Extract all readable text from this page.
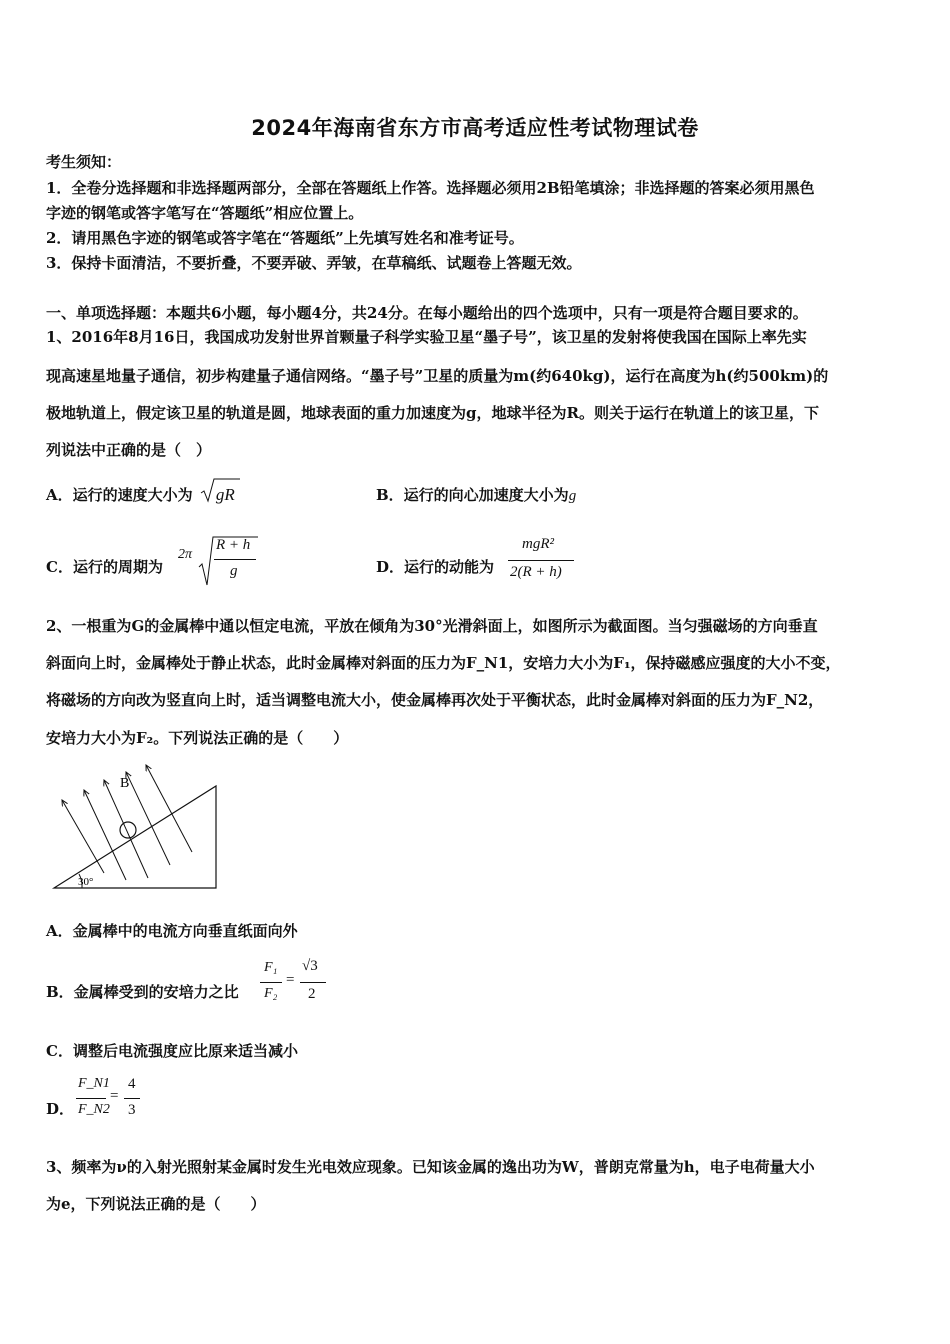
2024年海南省东方市高考适应性考试物理试卷
考生须知：
1．全卷分选择题和非选择题两部分，全部在答题纸上作答。选择题必须用2B铅笔填涂；非选择题的答案必须用黑色
字迹的钢笔或答字笔写在“答题纸”相应位置上。
2．请用黑色字迹的钢笔或答字笔在“答题纸”上先填写姓名和准考证号。
3．保持卡面清洁，不要折叠，不要弄破、弄皱，在草稿纸、试题卷上答题无效。
一、单项选择题：本题共6小题，每小题4分，共24分。在每小题给出的四个选项中，只有一项是符合题目要求的。
1、2016年8月16日，我国成功发射世界首颗量子科学实验卫星“墨子号”，该卫星的发射将使我国在国际上率先实
现高速星地量子通信，初步构建量子通信网络。“墨子号”卫星的质量为m(约640kg)，运行在高度为h(约500km)的
极地轨道上，假定该卫星的轨道是圆，地球表面的重力加速度为g，地球半径为R。则关于运行在轨道上的该卫星，下
列说法中正确的是（　）
A．运行的速度大小为 gR	B．运行的向心加速度大小为g
C．运行的周期为
2π
R + h
g	D．运行的动能为
mgR²
2(R + h)
2、一根重为G的金属棒中通以恒定电流，平放在倾角为30°光滑斜面上，如图所示为截面图。当匀强磁场的方向垂直
斜面向上时，金属棒处于静止状态，此时金属棒对斜面的压力为F_N1，安培力大小为F₁，保持磁感应强度的大小不变，
将磁场的方向改为竖直向上时，适当调整电流大小，使金属棒再次处于平衡状态，此时金属棒对斜面的压力为F_N2，
安培力大小为F₂。下列说法正确的是（　　）
B
30°
A．金属棒中的电流方向垂直纸面向外
B．金属棒受到的安培力之比
F₁
F₂
=
√3
2
C．调整后电流强度应比原来适当减小
D．
F_N1
F_N2
=
4
3
3、频率为ν的入射光照射某金属时发生光电效应现象。已知该金属的逸出功为W，普朗克常量为h，电子电荷量大小
为e，下列说法正确的是（　　）
